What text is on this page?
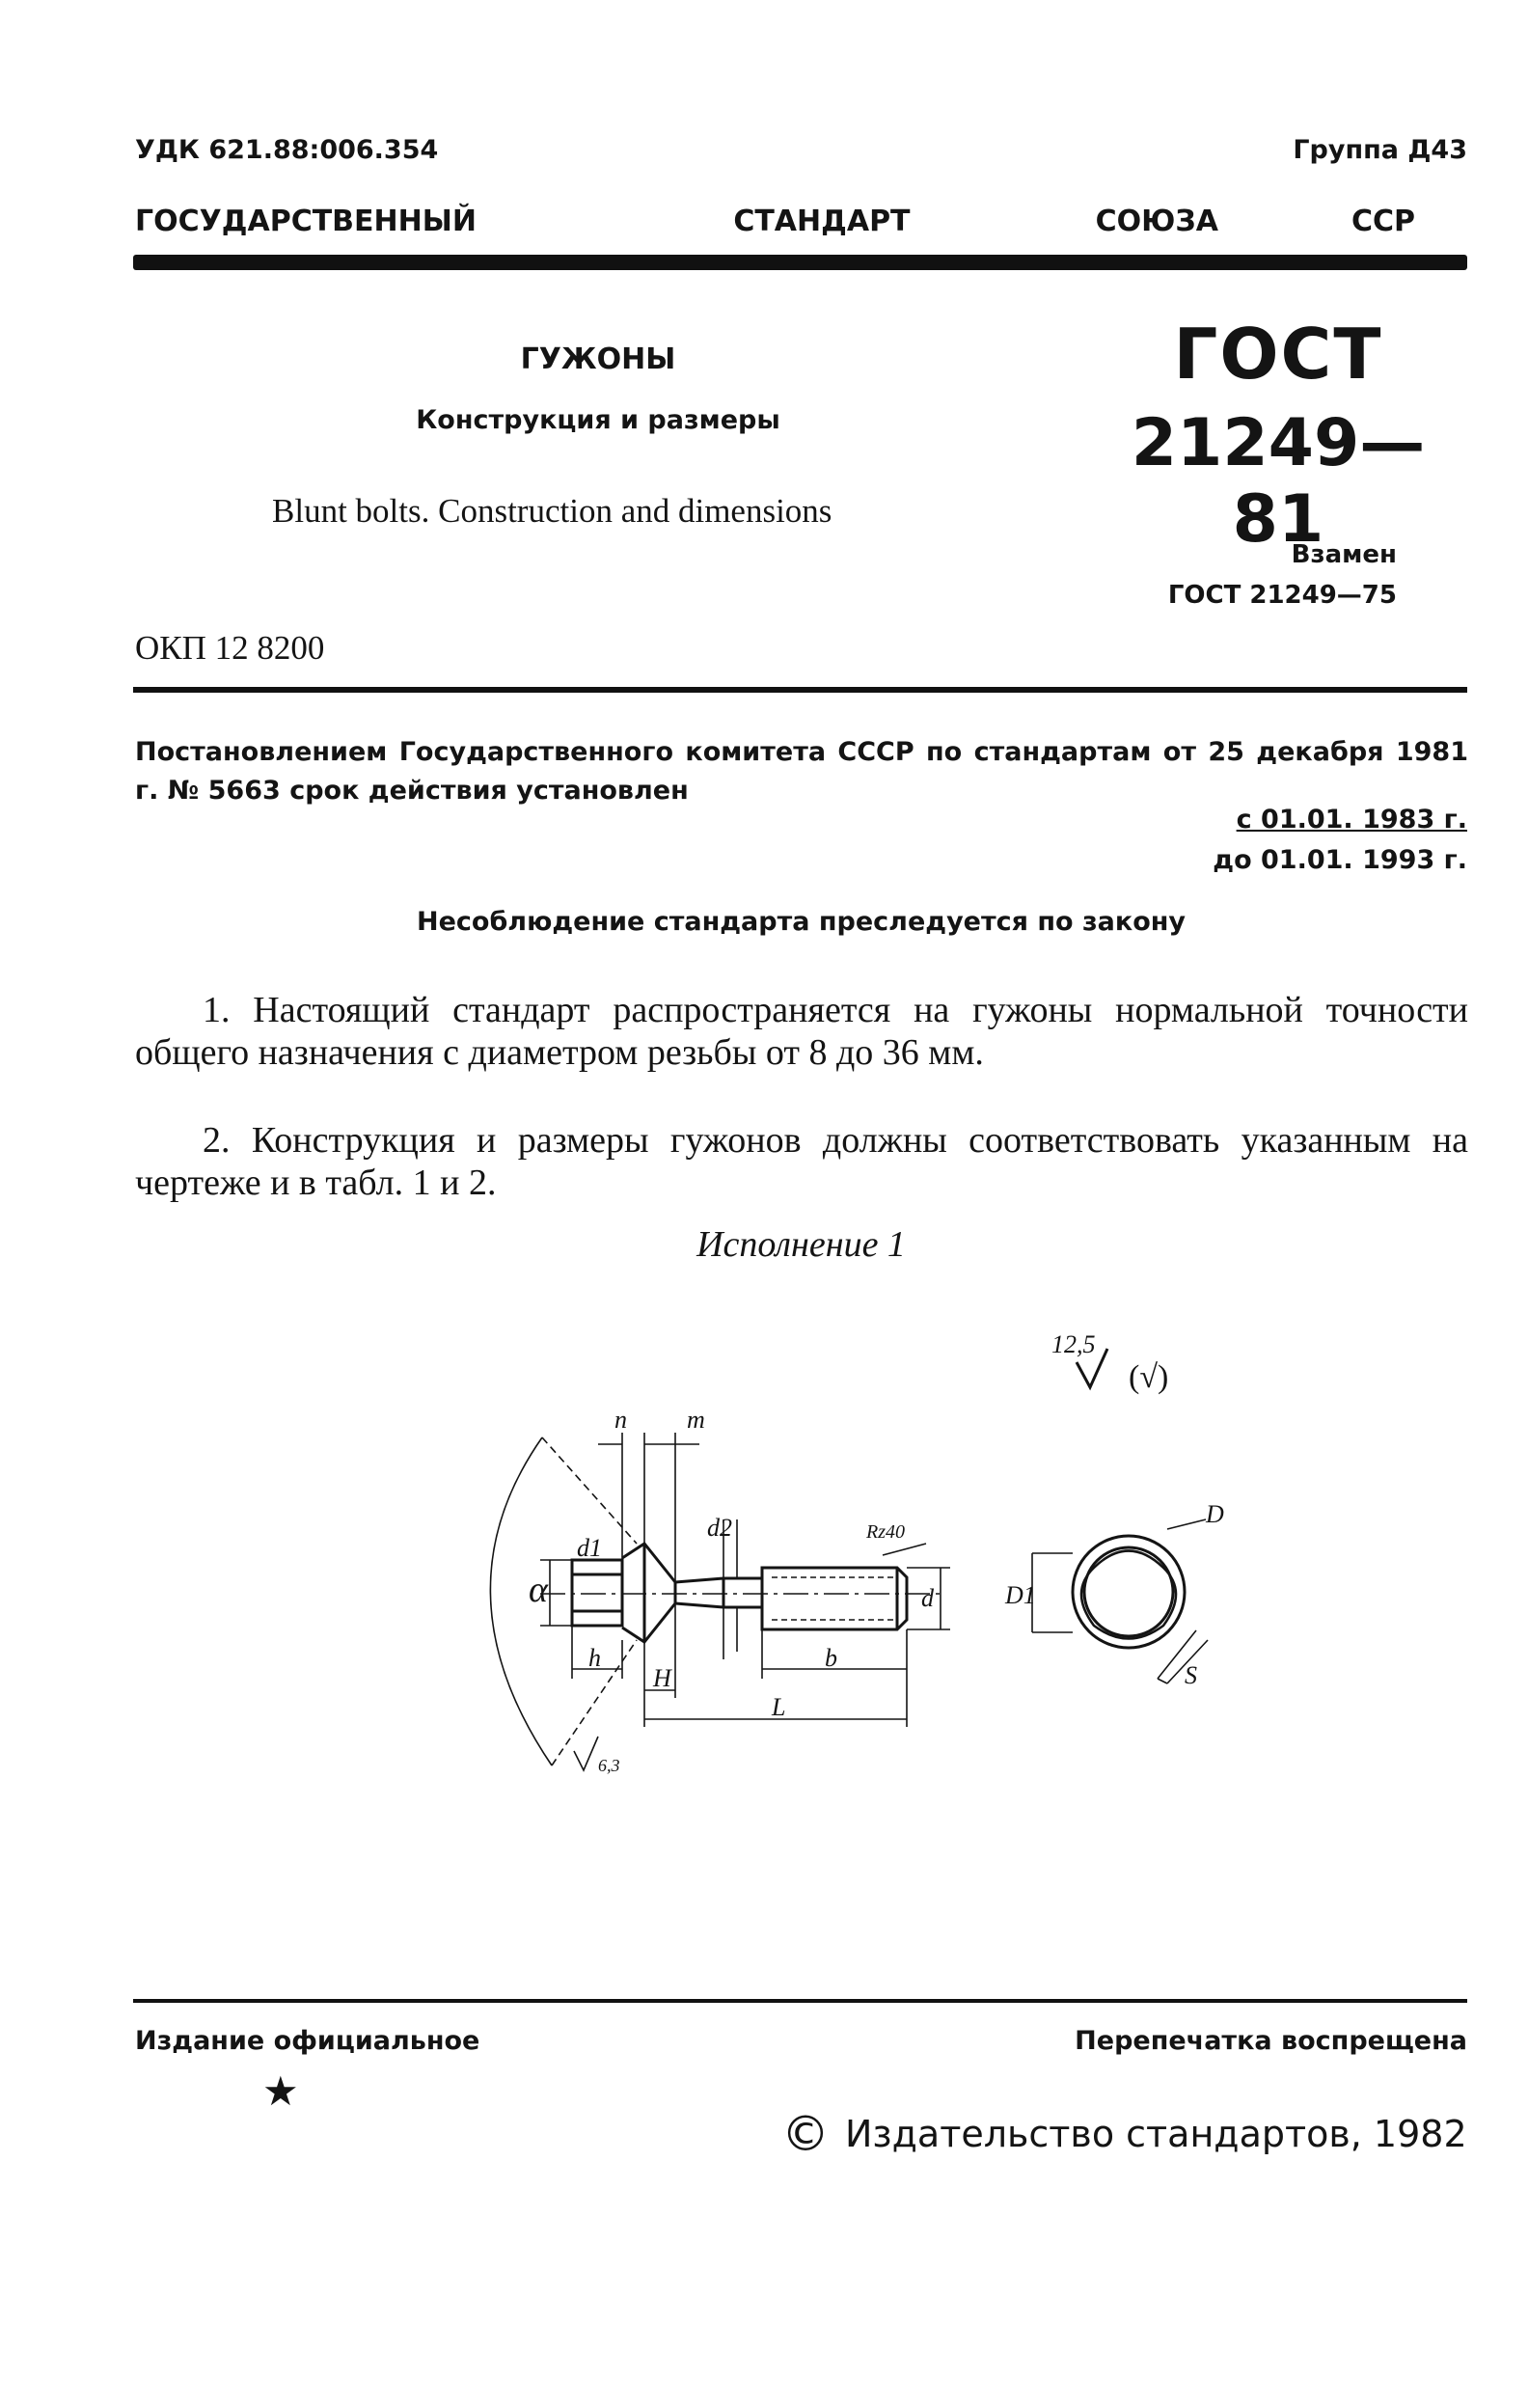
УДК 621.88:006.354	Группа Д43
ГОСУДАРСТВЕННЫЙ	СТАНДАРТ	СОЮЗА	ССР
ГУЖОНЫ
Конструкция и размеры
ГОСТ
21249—81
Blunt bolts. Construction and dimensions
Взамен
ГОСТ 21249—75
ОКП 12 8200
Постановлением Государственного комитета СССР по стандартам от 25 декабря 1981 г. № 5663 срок действия установлен
с 01.01. 1983 г.
до 01.01. 1993 г.
Несоблюдение стандарта преследуется по закону
1. Настоящий стандарт распространяется на гужоны нормальной точности общего назначения с диаметром резьбы от 8 до 36 мм.
2. Конструкция и размеры гужонов должны соответствовать указанным на чертеже и в табл. 1 и 2.
Исполнение 1
12,5
(√)
n m
α
d1
d2
d
h
H
b
L
Rz40
6,3
D
D1
S
Издание официальное	Перепечатка воспрещена
★
© Издательство стандартов, 1982
